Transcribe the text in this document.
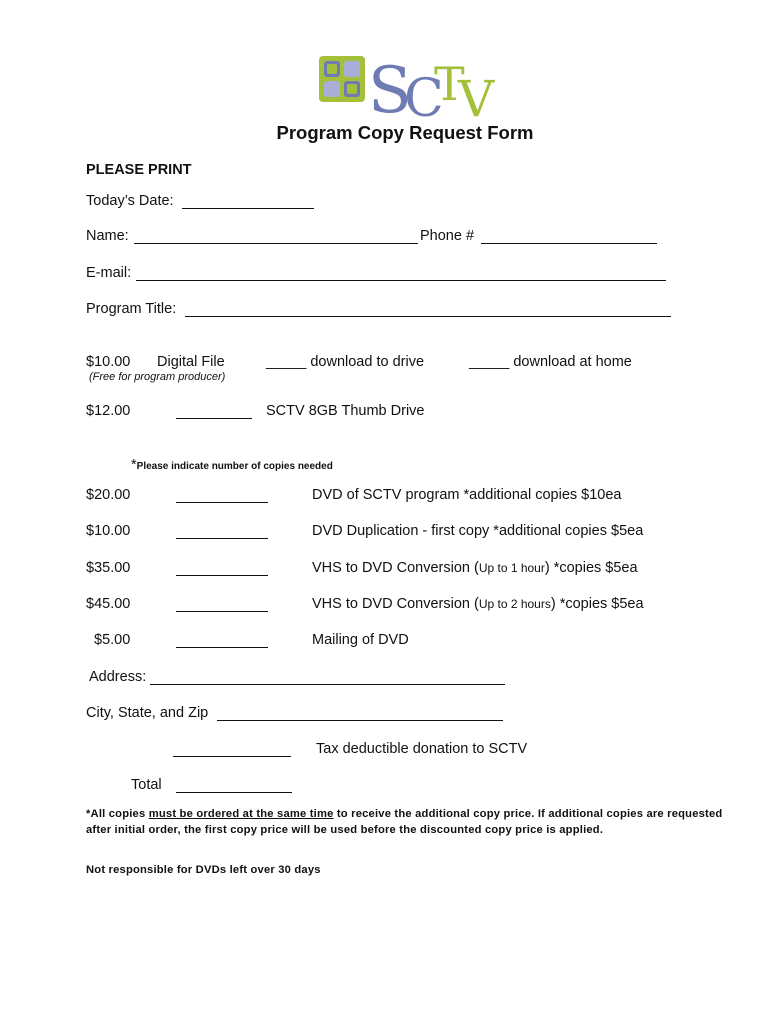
S
C
T
V
Program Copy Request Form
PLEASE PRINT
Today’s Date:
Name:	Phone #
E-mail:
Program Title:
$10.00 Digital File
(Free for program producer)
_____ download to drive	_____ download at home
$12.00	SCTV 8GB Thumb Drive
*Please indicate number of copies needed
$20.00	DVD of SCTV program *additional copies $10ea
$10.00	DVD Duplication - first copy *additional copies $5ea
$35.00	VHS to DVD Conversion (Up to 1 hour) *copies $5ea
$45.00	VHS to DVD Conversion (Up to 2 hours) *copies $5ea
$5.00	Mailing of DVD
Address:
City, State, and Zip
Tax deductible donation to SCTV
Total
*All copies must be ordered at the same time to receive the additional copy price. If additional copies are requested after initial order, the first copy price will be used before the discounted copy price is applied.
Not responsible for DVDs left over 30 days
